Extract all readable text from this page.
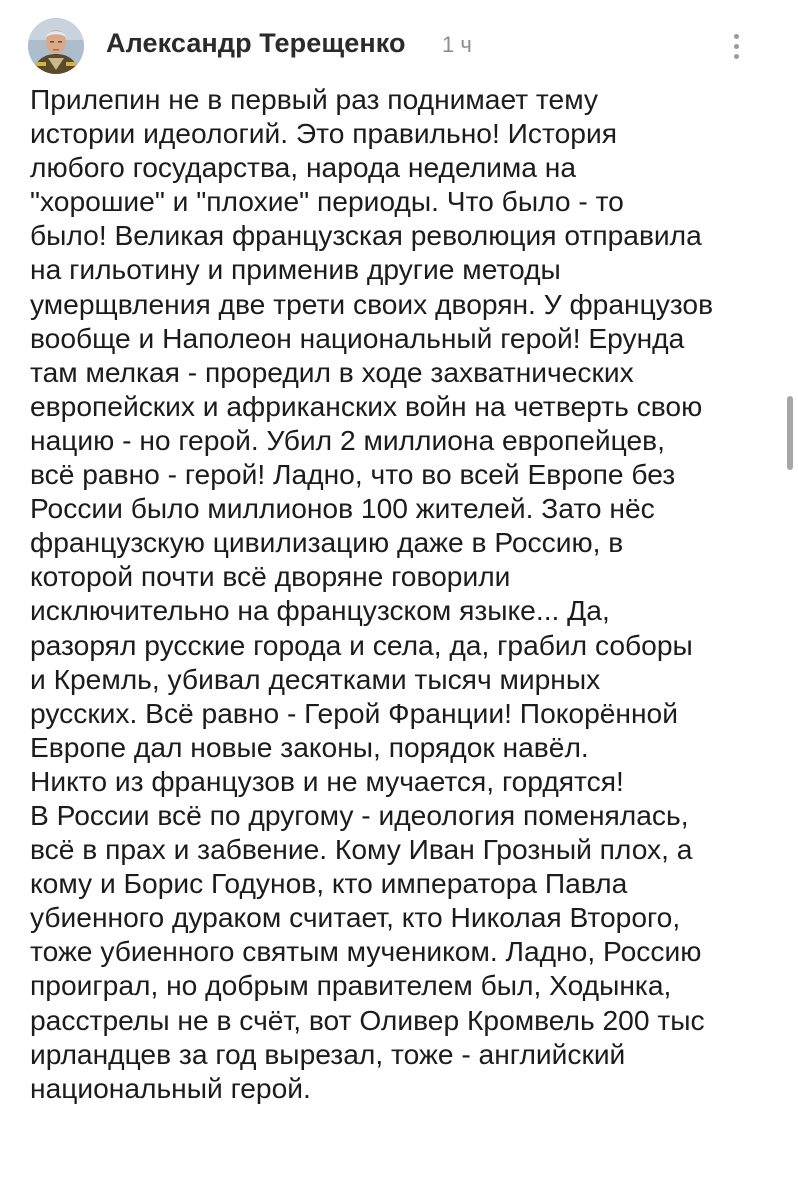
Александр Терещенко 1 ч
Прилепин не в первый раз поднимает тему
истории идеологий. Это правильно! История
любого государства, народа неделима на
"хорошие" и "плохие" периоды. Что было - то
было! Великая французская революция отправила
на гильотину и применив другие методы
умерщвления две трети своих дворян. У французов
вообще и Наполеон национальный герой! Ерунда
там мелкая - проредил в ходе захватнических
европейских и африканских войн на четверть свою
нацию - но герой. Убил 2 миллиона европейцев,
всё равно - герой! Ладно, что во всей Европе без
России было миллионов 100 жителей. Зато нёс
французскую цивилизацию даже в Россию, в
которой почти всё дворяне говорили
исключительно на французском языке... Да,
разорял русские города и села, да, грабил соборы
и Кремль, убивал десятками тысяч мирных
русских. Всё равно - Герой Франции! Покорённой
Европе дал новые законы, порядок навёл.
Никто из французов и не мучается, гордятся!
В России всё по другому - идеология поменялась,
всё в прах и забвение. Кому Иван Грозный плох, а
кому и Борис Годунов, кто императора Павла
убиенного дураком считает, кто Николая Второго,
тоже убиенного святым мучеником. Ладно, Россию
проиграл, но добрым правителем был, Ходынка,
расстрелы не в счёт, вот Оливер Кромвель 200 тыс
ирландцев за год вырезал, тоже - английский
национальный герой.
